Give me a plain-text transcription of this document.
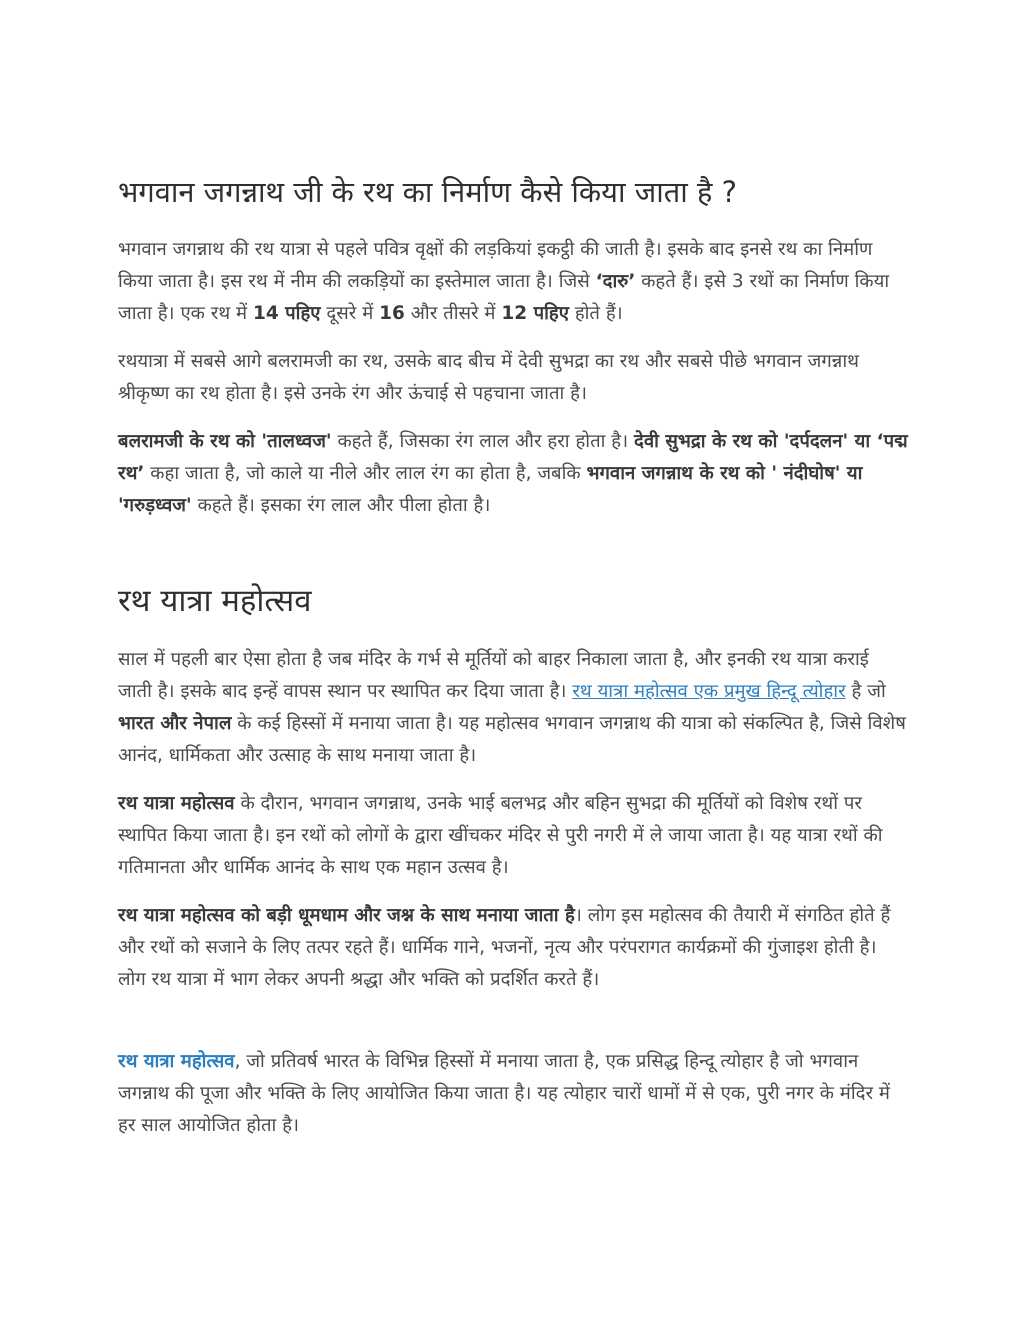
भगवान जगन्नाथ जी के रथ का निर्माण कैसे किया जाता है ?

भगवान जगन्नाथ की रथ यात्रा से पहले पवित्र वृक्षों की लड़कियां इकट्ठी की जाती है। इसके बाद इनसे रथ का निर्माण किया जाता है। इस रथ में नीम की लकड़ियों का इस्तेमाल जाता है। जिसे ‘दारु’ कहते हैं। इसे 3 रथों का निर्माण किया जाता है। एक रथ में 14 पहिए दूसरे में 16 और तीसरे में 12 पहिए होते हैं।

रथयात्रा में सबसे आगे बलरामजी का रथ, उसके बाद बीच में देवी सुभद्रा का रथ और सबसे पीछे भगवान जगन्नाथ श्रीकृष्ण का रथ होता है। इसे उनके रंग और ऊंचाई से पहचाना जाता है।

बलरामजी के रथ को 'तालध्वज' कहते हैं, जिसका रंग लाल और हरा होता है। देवी सुभद्रा के रथ को 'दर्पदलन' या ‘पद्म रथ’ कहा जाता है, जो काले या नीले और लाल रंग का होता है, जबकि भगवान जगन्नाथ के रथ को ' नंदीघोष' या 'गरुड़ध्वज' कहते हैं। इसका रंग लाल और पीला होता है।

रथ यात्रा महोत्सव

साल में पहली बार ऐसा होता है जब मंदिर के गर्भ से मूर्तियों को बाहर निकाला जाता है, और इनकी रथ यात्रा कराई जाती है। इसके बाद इन्हें वापस स्थान पर स्थापित कर दिया जाता है। रथ यात्रा महोत्सव एक प्रमुख हिन्दू त्योहार है जो भारत और नेपाल के कई हिस्सों में मनाया जाता है। यह महोत्सव भगवान जगन्नाथ की यात्रा को संकल्पित है, जिसे विशेष आनंद, धार्मिकता और उत्साह के साथ मनाया जाता है।

रथ यात्रा महोत्सव के दौरान, भगवान जगन्नाथ, उनके भाई बलभद्र और बहिन सुभद्रा की मूर्तियों को विशेष रथों पर स्थापित किया जाता है। इन रथों को लोगों के द्वारा खींचकर मंदिर से पुरी नगरी में ले जाया जाता है। यह यात्रा रथों की गतिमानता और धार्मिक आनंद के साथ एक महान उत्सव है।

रथ यात्रा महोत्सव को बड़ी धूमधाम और जश्न के साथ मनाया जाता है। लोग इस महोत्सव की तैयारी में संगठित होते हैं और रथों को सजाने के लिए तत्पर रहते हैं। धार्मिक गाने, भजनों, नृत्य और परंपरागत कार्यक्रमों की गुंजाइश होती है। लोग रथ यात्रा में भाग लेकर अपनी श्रद्धा और भक्ति को प्रदर्शित करते हैं।

रथ यात्रा महोत्सव, जो प्रतिवर्ष भारत के विभिन्न हिस्सों में मनाया जाता है, एक प्रसिद्ध हिन्दू त्योहार है जो भगवान जगन्नाथ की पूजा और भक्ति के लिए आयोजित किया जाता है। यह त्योहार चारों धामों में से एक, पुरी नगर के मंदिर में हर साल आयोजित होता है।
